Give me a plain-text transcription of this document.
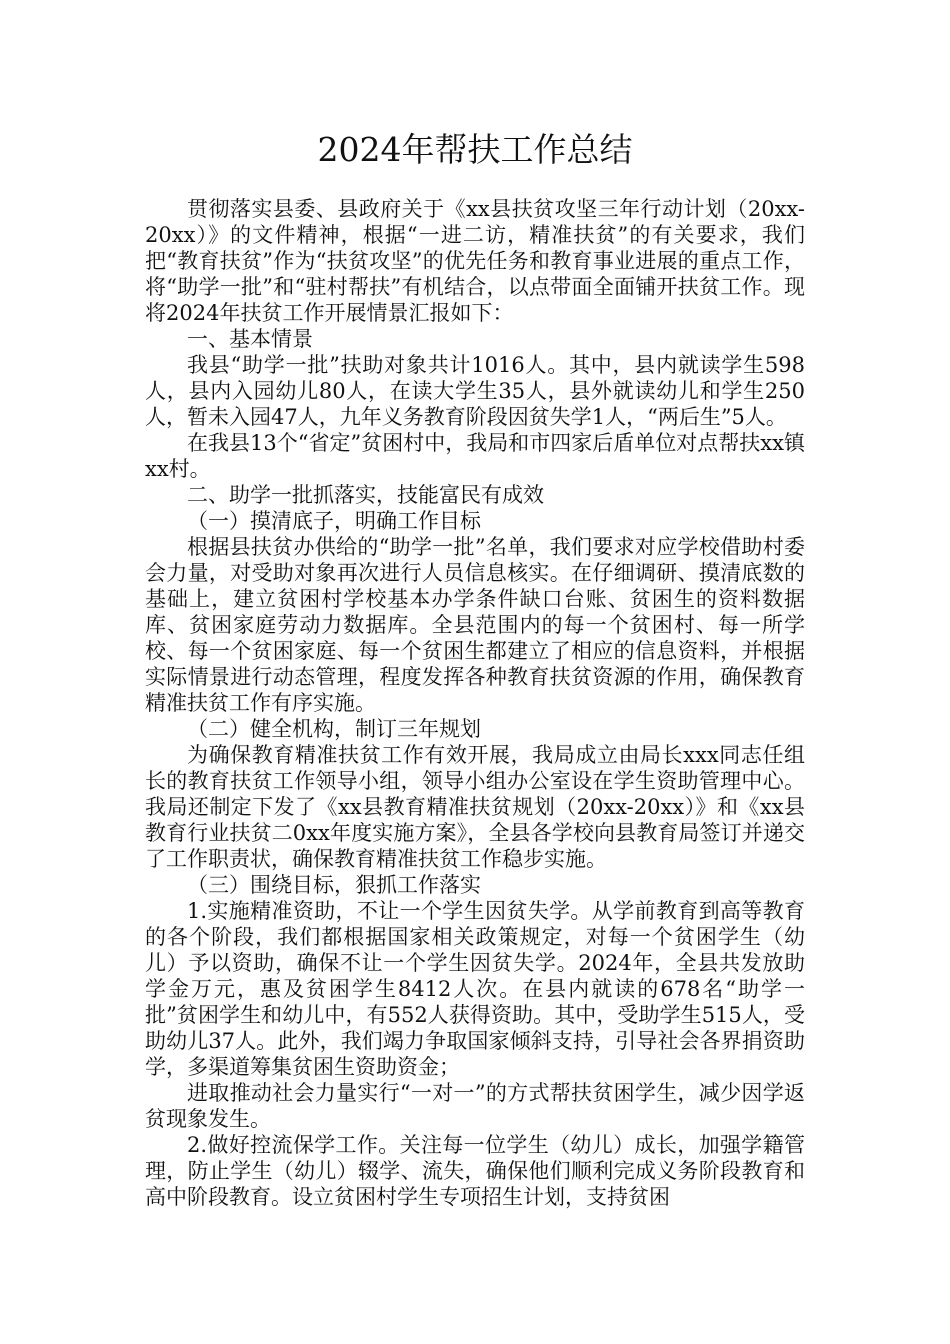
2024年帮扶工作总结

贯彻落实县委、县政府关于《xx县扶贫攻坚三年行动计划（20xx-20xx）》的文件精神，根据“一进二访，精准扶贫”的有关要求，我们把“教育扶贫”作为“扶贫攻坚”的优先任务和教育事业进展的重点工作，将“助学一批”和“驻村帮扶”有机结合，以点带面全面铺开扶贫工作。现将2024年扶贫工作开展情景汇报如下：

一、基本情景

我县“助学一批”扶助对象共计1016人。其中，县内就读学生598人，县内入园幼儿80人，在读大学生35人，县外就读幼儿和学生250人，暂未入园47人，九年义务教育阶段因贫失学1人，“两后生”5人。

在我县13个“省定”贫困村中，我局和市四家后盾单位对点帮扶xx镇xx村。

二、助学一批抓落实，技能富民有成效

（一）摸清底子，明确工作目标

根据县扶贫办供给的“助学一批”名单，我们要求对应学校借助村委会力量，对受助对象再次进行人员信息核实。在仔细调研、摸清底数的基础上，建立贫困村学校基本办学条件缺口台账、贫困生的资料数据库、贫困家庭劳动力数据库。全县范围内的每一个贫困村、每一所学校、每一个贫困家庭、每一个贫困生都建立了相应的信息资料，并根据实际情景进行动态管理，程度发挥各种教育扶贫资源的作用，确保教育精准扶贫工作有序实施。

（二）健全机构，制订三年规划

为确保教育精准扶贫工作有效开展，我局成立由局长xxx同志任组长的教育扶贫工作领导小组，领导小组办公室设在学生资助管理中心。我局还制定下发了《xx县教育精准扶贫规划（20xx-20xx）》和《xx县教育行业扶贫二0xx年度实施方案》，全县各学校向县教育局签订并递交了工作职责状，确保教育精准扶贫工作稳步实施。

（三）围绕目标，狠抓工作落实

1.实施精准资助，不让一个学生因贫失学。从学前教育到高等教育的各个阶段，我们都根据国家相关政策规定，对每一个贫困学生（幼儿）予以资助，确保不让一个学生因贫失学。2024年，全县共发放助学金万元，惠及贫困学生8412人次。在县内就读的678名“助学一批”贫困学生和幼儿中，有552人获得资助。其中，受助学生515人，受助幼儿37人。此外，我们竭力争取国家倾斜支持，引导社会各界捐资助学，多渠道筹集贫困生资助资金；

进取推动社会力量实行“一对一”的方式帮扶贫困学生，减少因学返贫现象发生。

2.做好控流保学工作。关注每一位学生（幼儿）成长，加强学籍管理，防止学生（幼儿）辍学、流失，确保他们顺利完成义务阶段教育和高中阶段教育。设立贫困村学生专项招生计划，支持贫困
